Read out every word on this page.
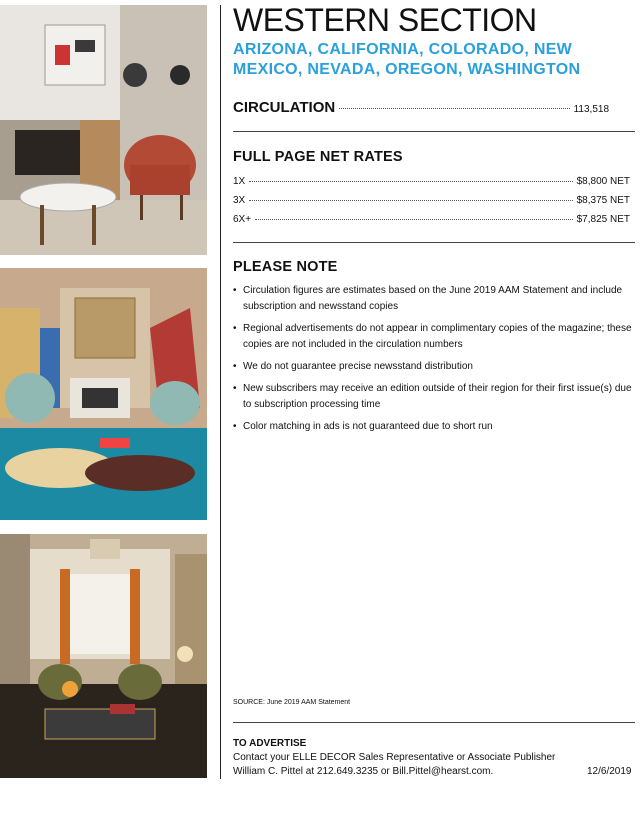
WESTERN SECTION
ARIZONA, CALIFORNIA, COLORADO, NEW MEXICO, NEVADA, OREGON, WASHINGTON
CIRCULATION	113,518
FULL PAGE NET RATES
1X	$8,800 NET
3X	$8,375 NET
6X+	$7,825 NET
PLEASE NOTE
• Circulation figures are estimates based on the June 2019 AAM Statement and include subscription and newsstand copies
• Regional advertisements do not appear in complimentary copies of the magazine; these copies are not included in the circulation numbers
• We do not guarantee precise newsstand distribution
• New subscribers may receive an edition outside of their region for their first issue(s) due to subscription processing time
• Color matching in ads is not guaranteed due to short run
SOURCE: June 2019 AAM Statement
TO ADVERTISE
Contact your ELLE DECOR Sales Representative or Associate Publisher
William C. Pittel at 212.649.3235 or Bill.Pittel@hearst.com.	12/6/2019
